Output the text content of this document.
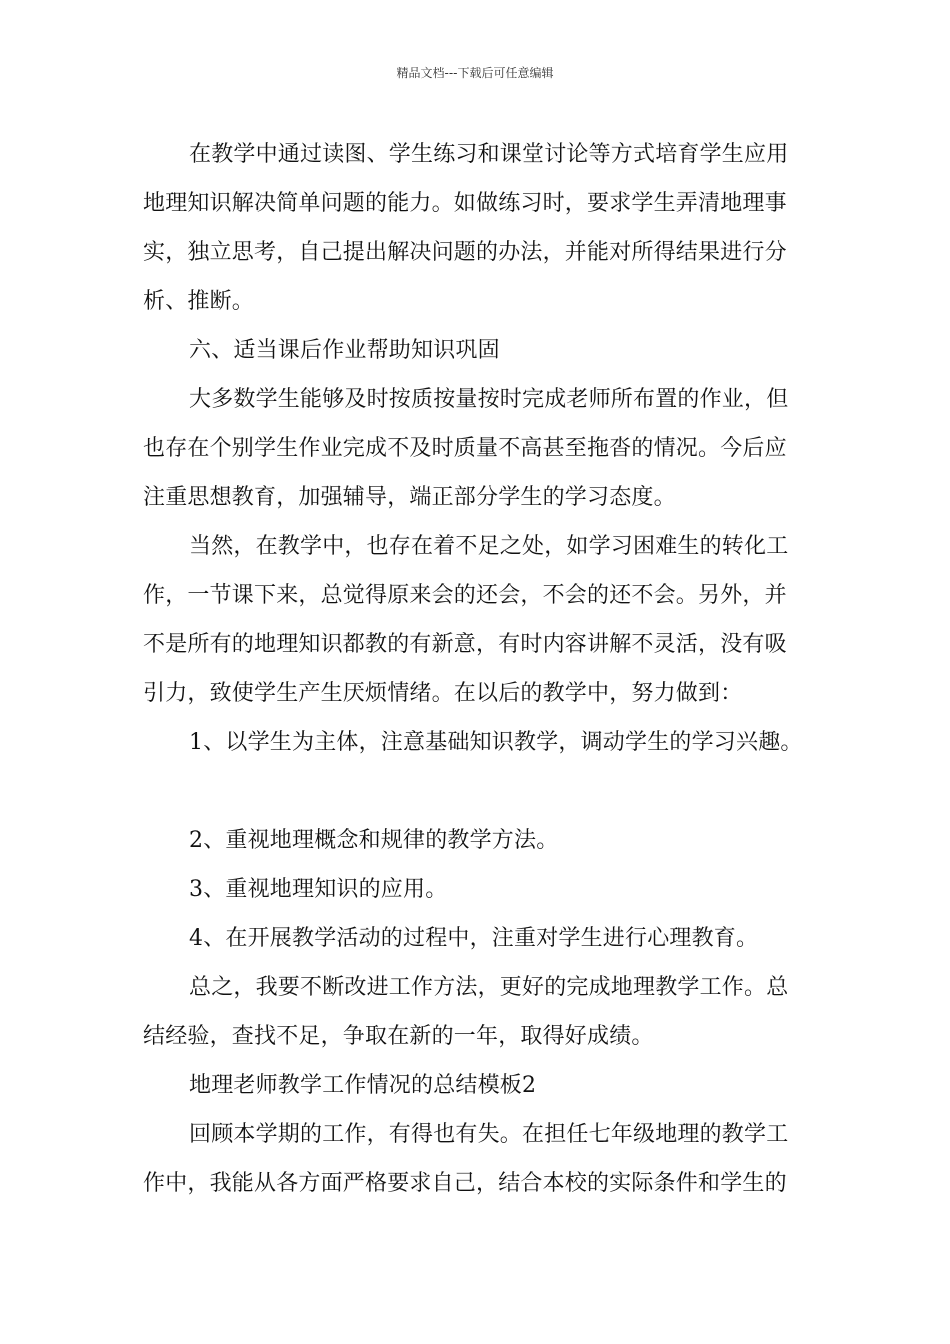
精品文档---下载后可任意编辑
在教学中通过读图、学生练习和课堂讨论等方式培育学生应用
地理知识解决简单问题的能力。如做练习时，要求学生弄清地理事
实，独立思考，自己提出解决问题的办法，并能对所得结果进行分
析、推断。
六、适当课后作业帮助知识巩固
大多数学生能够及时按质按量按时完成老师所布置的作业，但
也存在个别学生作业完成不及时质量不高甚至拖沓的情况。今后应
注重思想教育，加强辅导，端正部分学生的学习态度。
当然，在教学中，也存在着不足之处，如学习困难生的转化工
作，一节课下来，总觉得原来会的还会，不会的还不会。另外，并
不是所有的地理知识都教的有新意，有时内容讲解不灵活，没有吸
引力，致使学生产生厌烦情绪。在以后的教学中，努力做到：
1、以学生为主体，注意基础知识教学，调动学生的学习兴趣。
2、重视地理概念和规律的教学方法。
3、重视地理知识的应用。
4、在开展教学活动的过程中，注重对学生进行心理教育。
总之，我要不断改进工作方法，更好的完成地理教学工作。总
结经验，查找不足，争取在新的一年，取得好成绩。
地理老师教学工作情况的总结模板2
回顾本学期的工作，有得也有失。在担任七年级地理的教学工
作中，我能从各方面严格要求自己，结合本校的实际条件和学生的
